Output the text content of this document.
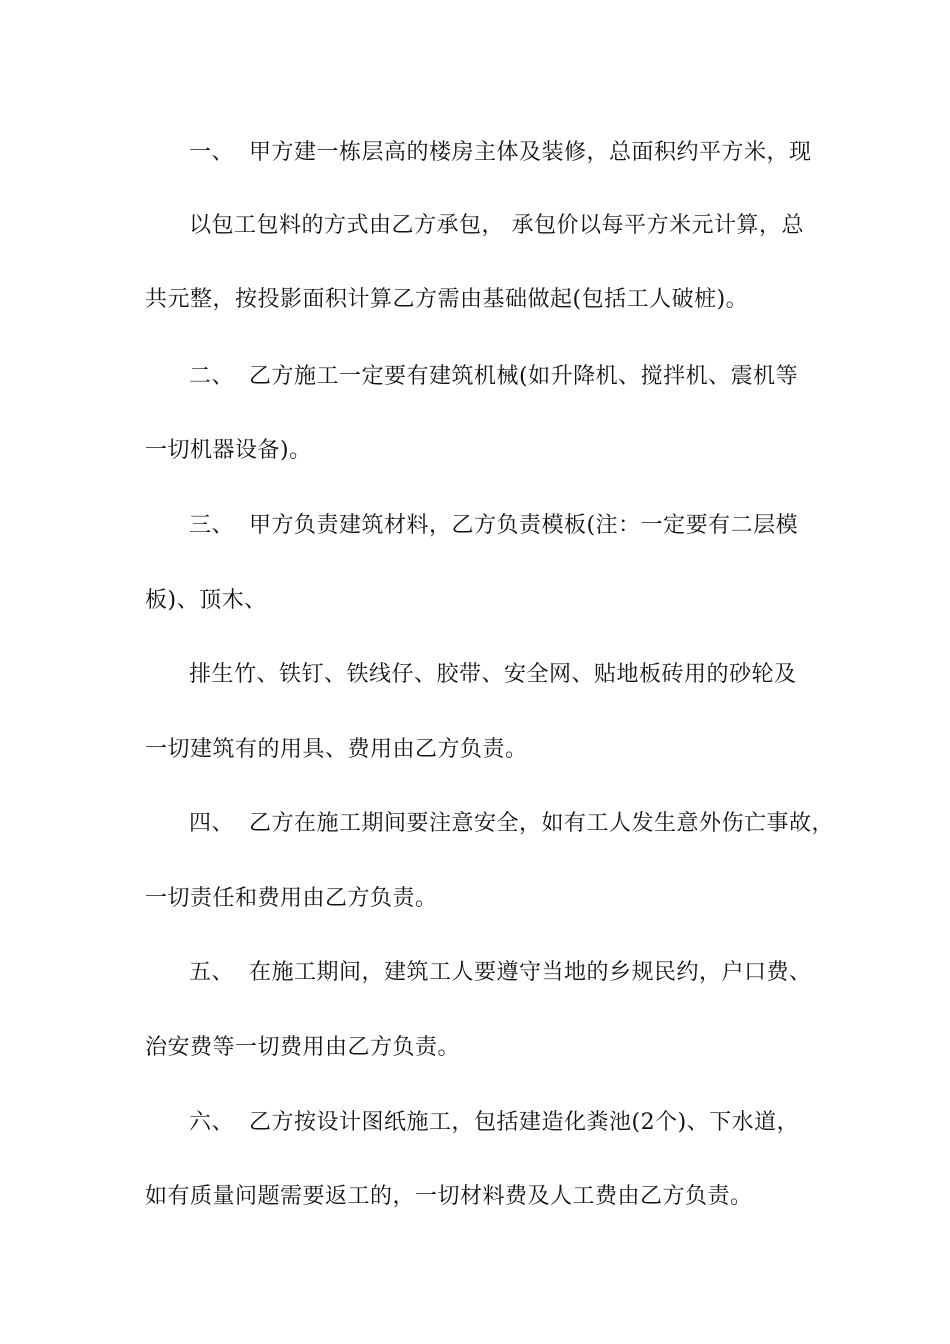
一、  甲方建一栋层高的楼房主体及装修，总面积约平方米，现
以包工包料的方式由乙方承包， 承包价以每平方米元计算，总
共元整，按投影面积计算乙方需由基础做起(包括工人破桩)。
二、  乙方施工一定要有建筑机械(如升降机、搅拌机、震机等
一切机器设备)。
三、  甲方负责建筑材料，乙方负责模板(注：一定要有二层模
板)、顶木、
排生竹、铁钉、铁线仔、胶带、安全网、贴地板砖用的砂轮及
一切建筑有的用具、费用由乙方负责。
四、  乙方在施工期间要注意安全，如有工人发生意外伤亡事故，
一切责任和费用由乙方负责。
五、  在施工期间，建筑工人要遵守当地的乡规民约，户口费、
治安费等一切费用由乙方负责。
六、  乙方按设计图纸施工，包括建造化粪池(2个)、下水道，
如有质量问题需要返工的，一切材料费及人工费由乙方负责。
